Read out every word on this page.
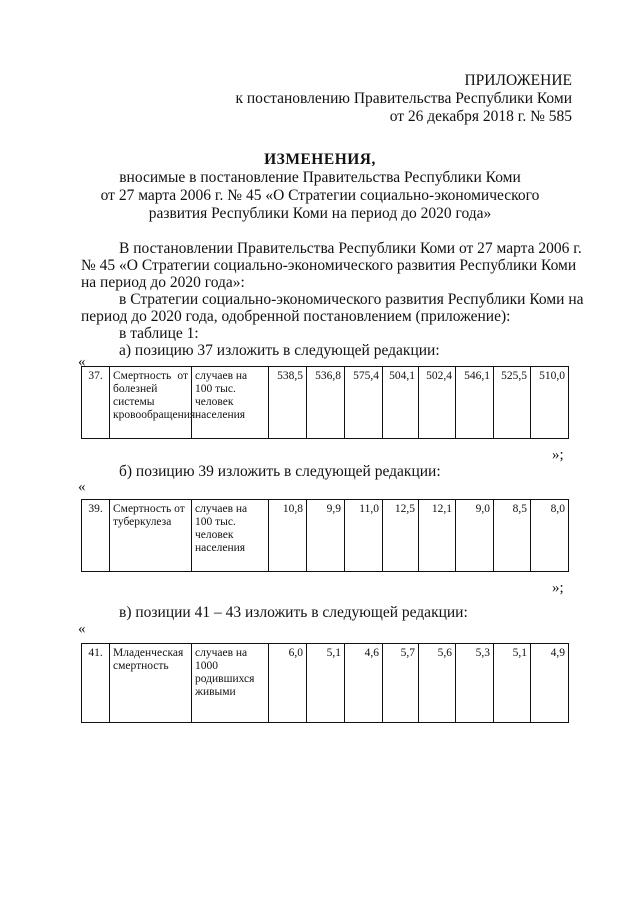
ПРИЛОЖЕНИЕ
к постановлению Правительства Республики Коми
от 26 декабря 2018 г. № 585
ИЗМЕНЕНИЯ,
вносимые в постановление Правительства Республики Коми
от 27 марта 2006 г. № 45 «О Стратегии социально-экономического
развития Республики Коми на период до 2020 года»
В постановлении Правительства Республики Коми от 27 марта 2006 г.
№ 45 «О Стратегии социально-экономического развития Республики Коми
на период до 2020 года»:
в Стратегии социально-экономического развития Республики Коми на
период до 2020 года, одобренной постановлением (приложение):
в таблице 1:
а) позицию 37 изложить в следующей редакции:
«
37.	Смертность от болезней системы кровообращения	случаев на 100 тыс. человек населения	538,5	536,8	575,4	504,1	502,4	546,1	525,5	510,0
»;
б) позицию 39 изложить в следующей редакции:
«
39.	Смертность от туберкулеза	случаев на 100 тыс. человек населения	10,8	9,9	11,0	12,5	12,1	9,0	8,5	8,0
»;
в) позиции 41 – 43 изложить в следующей редакции:
«
41.	Младенческая смертность	случаев на 1000 родившихся живыми	6,0	5,1	4,6	5,7	5,6	5,3	5,1	4,9
